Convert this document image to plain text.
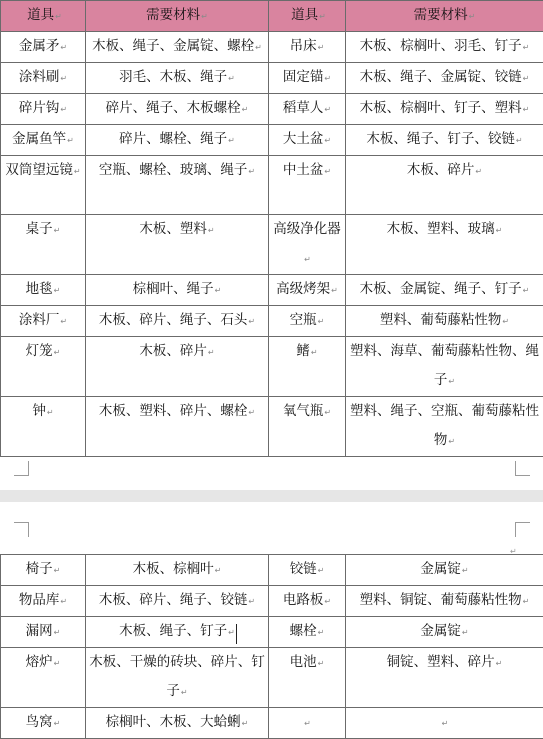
道具↵	需要材料↵	道具↵	需要材料↵
金属矛↵	木板、绳子、金属锭、螺栓↵	吊床↵	木板、棕榈叶、羽毛、钉子↵
涂料刷↵	羽毛、木板、绳子↵	固定锚↵	木板、绳子、金属锭、铰链↵
碎片钩↵	碎片、绳子、木板螺栓↵	稻草人↵	木板、棕榈叶、钉子、塑料↵
金属鱼竿↵	碎片、螺栓、绳子↵	大土盆↵	木板、绳子、钉子、铰链↵
双筒望远镜↵	空瓶、螺栓、玻璃、绳子↵	中土盆↵	木板、碎片↵
桌子↵	木板、塑料↵	高级净化器↵	木板、塑料、玻璃↵
地毯↵	棕榈叶、绳子↵	高级烤架↵	木板、金属锭、绳子、钉子↵
涂料厂↵	木板、碎片、绳子、石头↵	空瓶↵	塑料、葡萄藤粘性物↵
灯笼↵	木板、碎片↵	鳍↵	塑料、海草、葡萄藤粘性物、绳子↵
钟↵	木板、塑料、碎片、螺栓↵	氧气瓶↵	塑料、绳子、空瓶、葡萄藤粘性物↵
↵
椅子↵	木板、棕榈叶↵	铰链↵	金属锭↵
物品库↵	木板、碎片、绳子、铰链↵	电路板↵	塑料、铜锭、葡萄藤粘性物↵
漏网↵	木板、绳子、钉子↵	螺栓↵	金属锭↵
熔炉↵	木板、干燥的砖块、碎片、钉子↵	电池↵	铜锭、塑料、碎片↵
鸟窝↵	棕榈叶、木板、大蛤蜊↵	↵	↵
